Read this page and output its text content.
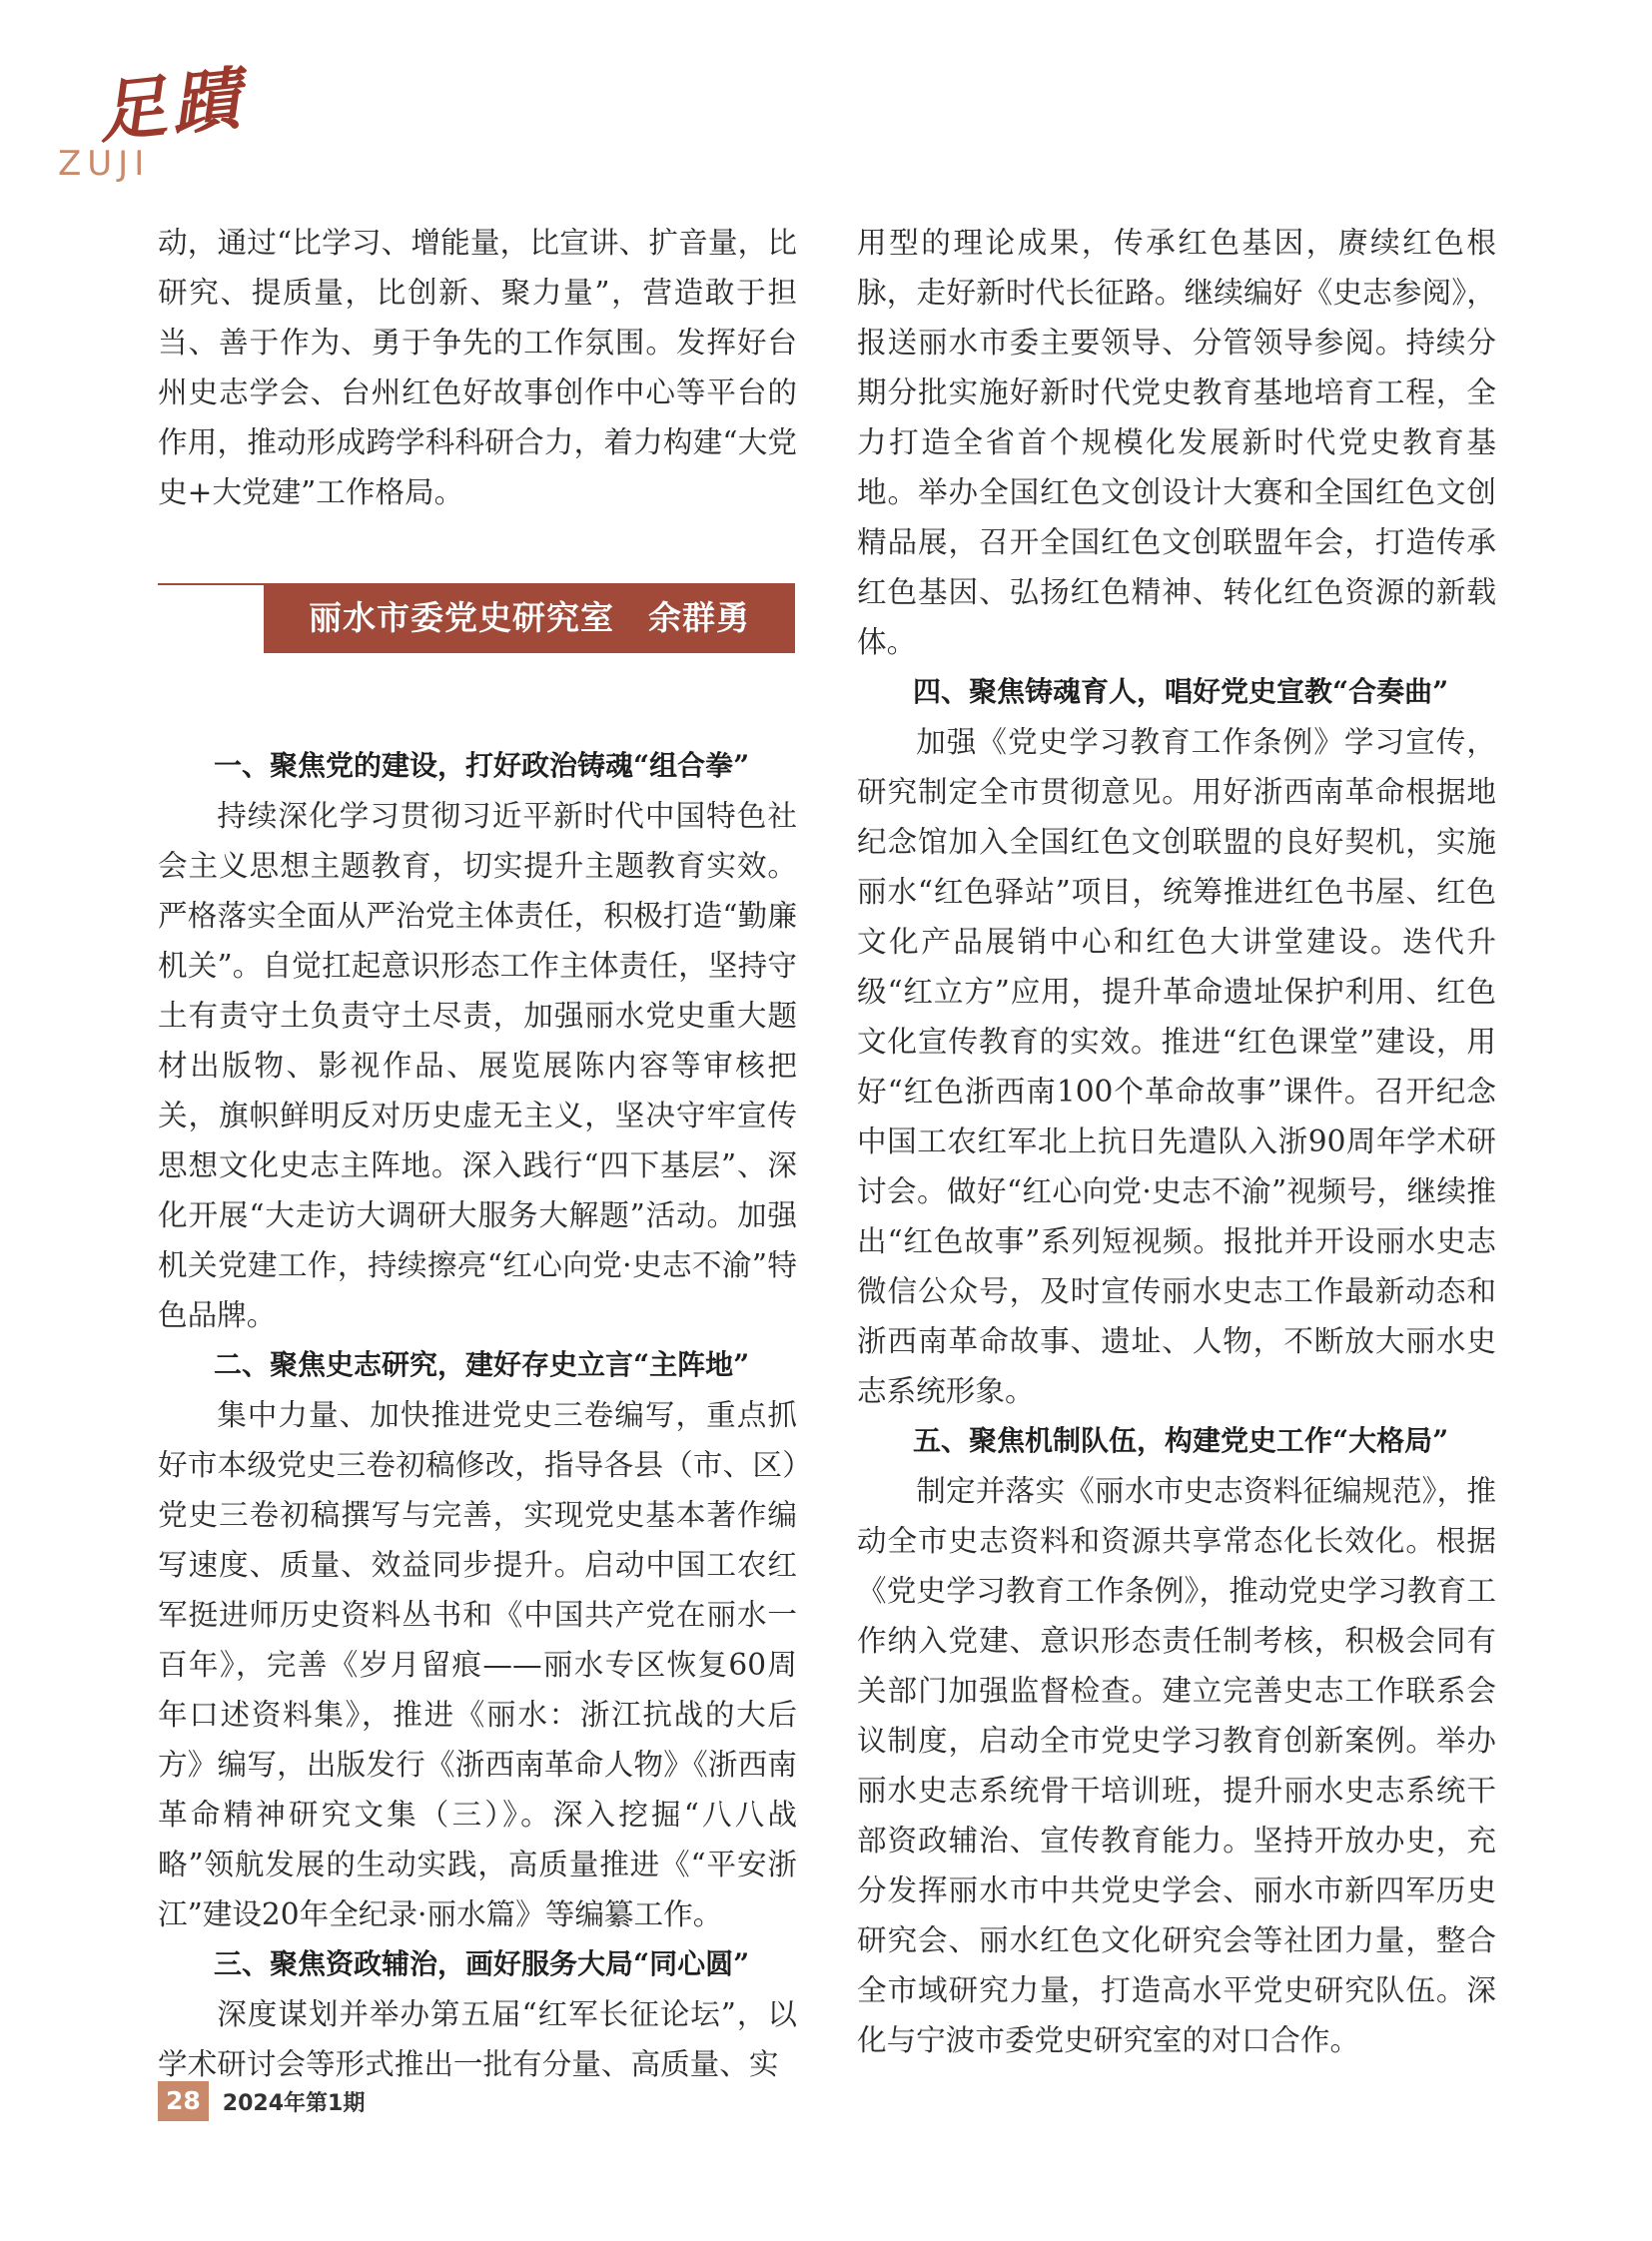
足蹟
ZUJI

动，通过“比学习、增能量，比宣讲、扩音量，比研究、提质量，比创新、聚力量”，营造敢于担当、善于作为、勇于争先的工作氛围。发挥好台州史志学会、台州红色好故事创作中心等平台的作用，推动形成跨学科科研合力，着力构建“大党史+大党建”工作格局。

丽水市委党史研究室　余群勇
一、聚焦党的建设，打好政治铸魂“组合拳”

持续深化学习贯彻习近平新时代中国特色社会主义思想主题教育，切实提升主题教育实效。严格落实全面从严治党主体责任，积极打造“勤廉机关”。自觉扛起意识形态工作主体责任，坚持守土有责守土负责守土尽责，加强丽水党史重大题材出版物、影视作品、展览展陈内容等审核把关，旗帜鲜明反对历史虚无主义，坚决守牢宣传思想文化史志主阵地。深入践行“四下基层”、深化开展“大走访大调研大服务大解题”活动。加强机关党建工作，持续擦亮“红心向党·史志不渝”特色品牌。

二、聚焦史志研究，建好存史立言“主阵地”

集中力量、加快推进党史三卷编写，重点抓好市本级党史三卷初稿修改，指导各县（市、区）党史三卷初稿撰写与完善，实现党史基本著作编写速度、质量、效益同步提升。启动中国工农红军挺进师历史资料丛书和《中国共产党在丽水一百年》，完善《岁月留痕——丽水专区恢复60周年口述资料集》，推进《丽水：浙江抗战的大后方》编写，出版发行《浙西南革命人物》《浙西南革命精神研究文集（三）》。深入挖掘“八八战略”领航发展的生动实践，高质量推进《“平安浙江”建设20年全纪录·丽水篇》等编纂工作。

三、聚焦资政辅治，画好服务大局“同心圆”

深度谋划并举办第五届“红军长征论坛”，以学术研讨会等形式推出一批有分量、高质量、实

用型的理论成果，传承红色基因，赓续红色根脉，走好新时代长征路。继续编好《史志参阅》，报送丽水市委主要领导、分管领导参阅。持续分期分批实施好新时代党史教育基地培育工程，全力打造全省首个规模化发展新时代党史教育基地。举办全国红色文创设计大赛和全国红色文创精品展，召开全国红色文创联盟年会，打造传承红色基因、弘扬红色精神、转化红色资源的新载体。

四、聚焦铸魂育人，唱好党史宣教“合奏曲”

加强《党史学习教育工作条例》学习宣传，研究制定全市贯彻意见。用好浙西南革命根据地纪念馆加入全国红色文创联盟的良好契机，实施丽水“红色驿站”项目，统筹推进红色书屋、红色文化产品展销中心和红色大讲堂建设。迭代升级“红立方”应用，提升革命遗址保护利用、红色文化宣传教育的实效。推进“红色课堂”建设，用好“红色浙西南100个革命故事”课件。召开纪念中国工农红军北上抗日先遣队入浙90周年学术研讨会。做好“红心向党·史志不渝”视频号，继续推出“红色故事”系列短视频。报批并开设丽水史志微信公众号，及时宣传丽水史志工作最新动态和浙西南革命故事、遗址、人物，不断放大丽水史志系统形象。

五、聚焦机制队伍，构建党史工作“大格局”

制定并落实《丽水市史志资料征编规范》，推动全市史志资料和资源共享常态化长效化。根据《党史学习教育工作条例》，推动党史学习教育工作纳入党建、意识形态责任制考核，积极会同有关部门加强监督检查。建立完善史志工作联系会议制度，启动全市党史学习教育创新案例。举办丽水史志系统骨干培训班，提升丽水史志系统干部资政辅治、宣传教育能力。坚持开放办史，充分发挥丽水市中共党史学会、丽水市新四军历史研究会、丽水红色文化研究会等社团力量，整合全市域研究力量，打造高水平党史研究队伍。深化与宁波市委党史研究室的对口合作。

28	2024年第1期
